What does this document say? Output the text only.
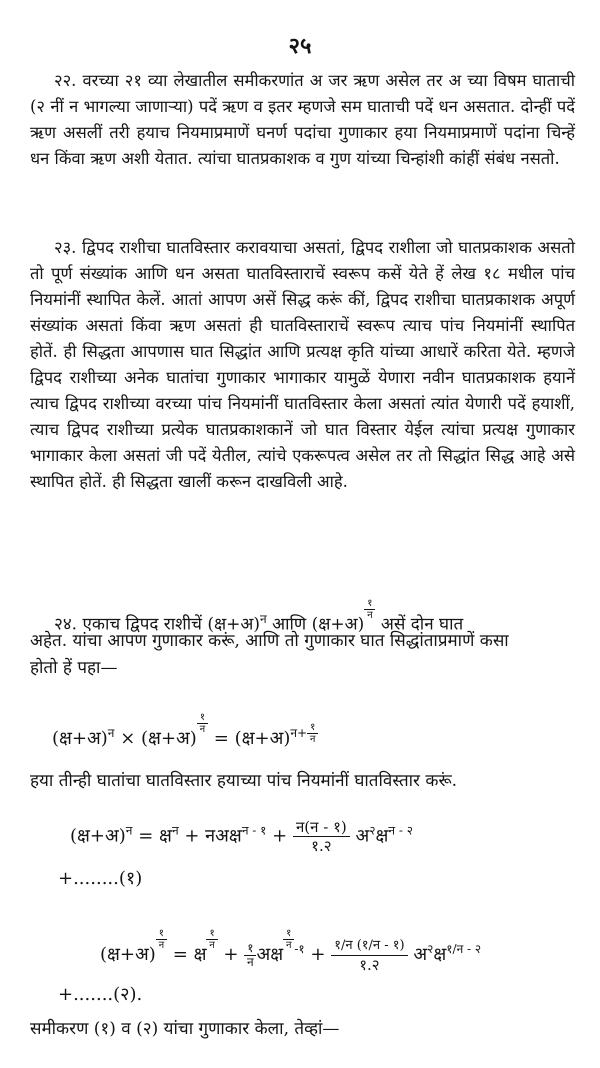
२५
२२. वरच्या २१ व्या लेखातील समीकरणांत अ जर ऋण असेल तर अ च्या विषम घाताची (२ नीं न भागल्या जाणाऱ्या) पदें ऋण व इतर म्हणजे सम घाताची पदें धन असतात. दोन्हीं पदें ऋण असलीं तरी हयाच नियमाप्रमाणें घनर्ण पदांचा गुणाकार हया नियमाप्रमाणें पदांना चिन्हें धन किंवा ऋण अशी येतात. त्यांचा घातप्रकाशक व गुण यांच्या चिन्हांशी कांहीं संबंध नसतो.
२३. द्विपद राशीचा घातविस्तार करावयाचा असतां, द्विपद राशीला जो घातप्रकाशक असतो तो पूर्ण संख्यांक आणि धन असता घातविस्ताराचें स्वरूप कसें येते हें लेख १८ मधील पांच नियमांनीं स्थापित केलें. आतां आपण असें सिद्ध करूं कीं, द्विपद राशीचा घातप्रकाशक अपूर्ण संख्यांक असतां किंवा ऋण असतां ही घातविस्ताराचें स्वरूप त्याच पांच नियमांनीं स्थापित होतें. ही सिद्धता आपणास घात सिद्धांत आणि प्रत्यक्ष कृति यांच्या आधारें करिता येते. म्हणजे द्विपद राशीच्या अनेक घातांचा गुणाकार भागाकार यामुळें येणारा नवीन घातप्रकाशक हयानें त्याच द्विपद राशीच्या वरच्या पांच नियमांनीं घातविस्तार केला असतां त्यांत येणारी पदें हयाशीं, त्याच द्विपद राशीच्या प्रत्येक घातप्रकाशकानें जो घात विस्तार येईल त्यांचा प्रत्यक्ष गुणाकार भागाकार केला असतां जी पदें येतील, त्यांचे एकरूपत्व असेल तर तो सिद्धांत सिद्ध आहे असे स्थापित होतें. ही सिद्धता खालीं करून दाखविली आहे.
२४. एकाच द्विपद राशीचें (क्ष+अ)$^न$ आणि (क्ष+अ)
$^{\frac{१}{\text{न}}}$
असें दोन घात
अहेत. यांचा आपण गुणाकार करूं, आणि तो गुणाकार घात सिद्धांताप्रमाणें कसा
होतो हें पहा—
(क्ष+अ)$^न$ × (क्ष+अ)
$^{\frac{१}{\text{न}}}$
= (क्ष+अ)$^{न+ \frac{१}{\text{न}}}$
हया तीन्ही घातांचा घातविस्तार हयाच्या पांच नियमांनीं घातविस्तार करूं.
(क्ष+अ)$^न$ = क्ष$^न$ + नअक्ष$^{न - १}$ + $\frac{\text{न(न - १)}}{१.२}$ अ$^२$क्ष$^{न - २}$
+........(१)
(क्ष+अ)
$^{\frac{१}{\text{न}}}$
= क्ष
$^{\frac{१}{\text{न}}}$
+ $\frac{१}{\text{न}}$ अक्ष
$^{\frac{१}{\text{न}} -१} + \frac{\text{१/न (१/न - १)}}{१.२}$ अ$^२$क्ष$^{१/न - २}$
+.......(२).
समीकरण (१) व (२) यांचा गुणाकार केला, तेव्हां—
